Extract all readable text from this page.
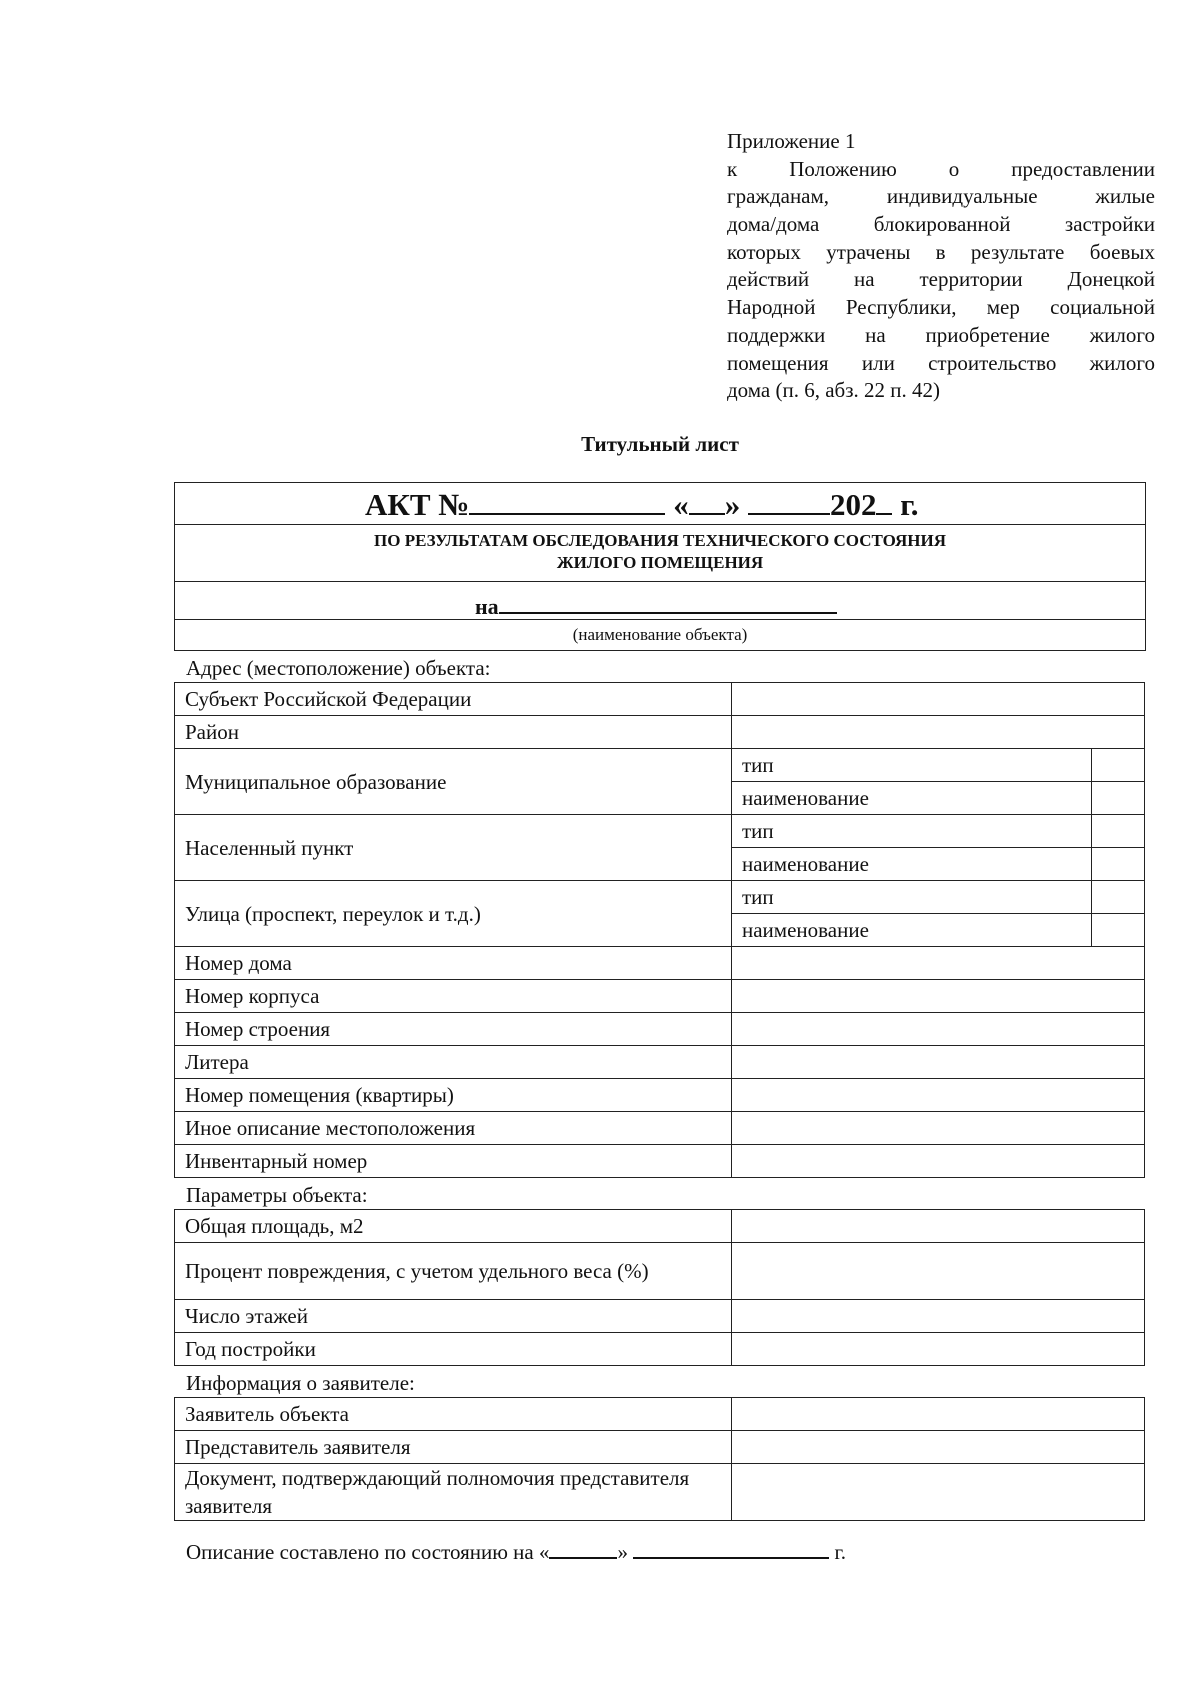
Приложение 1
к Положению о предоставлении
гражданам, индивидуальные жилые
дома/дома блокированной застройки
которых утрачены в результате боевых
действий на территории Донецкой
Народной Республики, мер социальной
поддержки на приобретение жилого
помещения или строительство жилого
дома (п. 6, абз. 22 п. 42)
Титульный лист
АКТ №	« »	202 г.
ПО РЕЗУЛЬТАТАМ ОБСЛЕДОВАНИЯ ТЕХНИЧЕСКОГО СОСТОЯНИЯ
ЖИЛОГО ПОМЕЩЕНИЯ
на
(наименование объекта)
Адрес (местоположение) объекта:
Субъект Российской Федерации		
Район		
Муниципальное образование	тип	
	наименование	
Населенный пункт	тип	
	наименование	
Улица (проспект, переулок и т.д.)	тип	
	наименование	
Номер дома		
Номер корпуса		
Номер строения		
Литера		
Номер помещения (квартиры)		
Иное описание местоположения		
Инвентарный номер		
Параметры объекта:
Общая площадь, м2	
Процент повреждения, с учетом удельного веса (%)	
Число этажей	
Год постройки	
Информация о заявителе:
Заявитель объекта	
Представитель заявителя	
Документ, подтверждающий полномочия представителя заявителя	
Описание составлено по состоянию на «	»	г.
